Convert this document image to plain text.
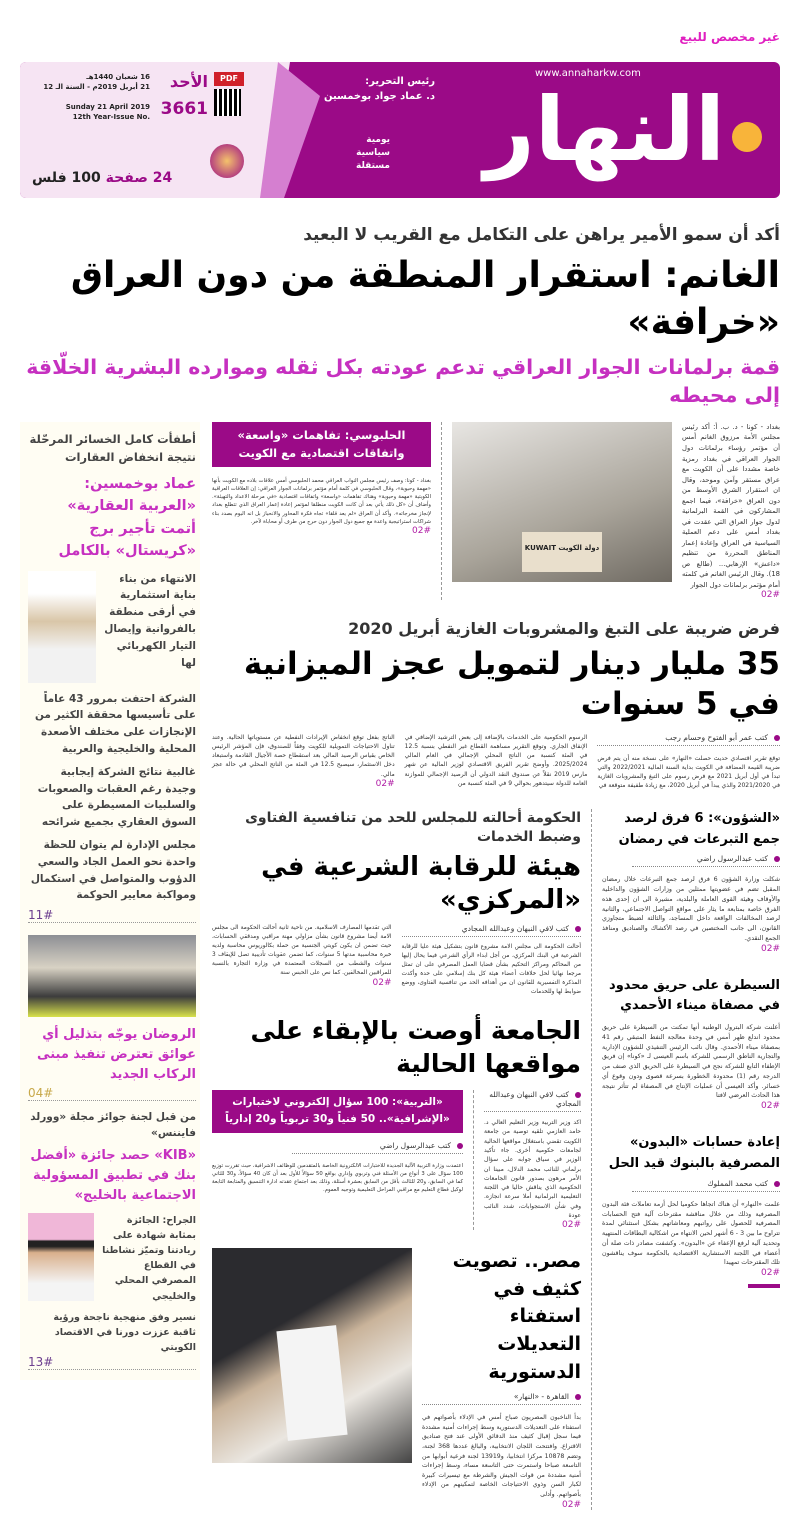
غير مخصص للبيع
النهار
www.annaharkw.com
رئيس التحرير:
د. عماد جواد بوخمسين
يومية
سياسية
مستقلة
16 شعبان 1440هـ
21 أبريل 2019م - السنة الـ 12
Sunday 21 April 2019
12th Year-Issue No.
الأحد
3661
PDF
24 صفحة 100 فلس
أكد أن سمو الأمير يراهن على التكامل مع القريب لا البعيد
الغانم: استقرار المنطقة من دون العراق «خرافة»
قمة برلمانات الجوار العراقي تدعم عودته بكل ثقله وموارده البشرية الخلّاقة إلى محيطه
أطفأت كامل الخسائر المرحّلة نتيجة انخفاض العقارات
عماد بوخمسين: «العربية العقارية» أتمت تأجير برج «كريستال» بالكامل
الانتهاء من بناء بناية استثمارية في أرقى منطقة بالفروانية وإيصال التيار الكهربائي لها
الشركة احتفت بمرور 43 عاماً على تأسيسها محققة الكثير من الإنجازات على مختلف الأصعدة المحلية والخليجية والعربية
غالبية نتائج الشركة إيجابية وجيدة رغم العقبات والصعوبات والسلبيات المسيطرة على السوق العقاري بجميع شرائحه
مجلس الإدارة لم يتوان للحظة واحدة نحو العمل الجاد والسعي الدؤوب والمتواصل في استكمال ومواكبة معايير الحوكمة
11#
الروضان يوجّه بتذليل أي عوائق تعترض تنفيذ مبنى الركاب الجديد
04#
من قبل لجنة جوائز مجلة «وورلد فايننس»
«KIB» حصد جائزة «أفضل بنك في تطبيق المسؤولية الاجتماعية بالخليج»
الجراح: الجائزة بمثابة شهادة على ريادتنا وتميّز نشاطنا في القطاع المصرفي المحلي والخليجي
نسير وفق منهجية ناجحة ورؤية ثاقبة عززت دورنا في الاقتصاد الكويتي
13#
بغداد - كونا - د. ب. أ: أكد رئيس مجلس الأمة مرزوق الغانم أمس أن مؤتمر رؤساء برلمانات دول الجوار العراقي في بغداد رمزية خاصة مشددا على أن الكويت مع عراق مستقر وآمن وموحد، وقال ان استقرار الشرق الأوسط من دون العراق «خرافة»، فيما اجمع المشاركون في القمة البرلمانية لدول جوار العراق التي عقدت في بغداد أمس على دعم العملية السياسية في العراق وإعادة إعمار المناطق المحررة من تنظيم «داعش» الإرهابي... (طالع ص 18). وقال الرئيس الغانم في كلمته أمام مؤتمر برلمانات دول الجوار
02#
دولة الكويت KUWAIT
الحلبوسي: تفاهمات «واسعة» واتفاقات اقتصادية مع الكويت
بغداد - كونا: وصف رئيس مجلس النواب العراقي محمد الحلبوسي أمس علاقات بلاده مع الكويت بأنها «مهمة وحيوية»، وقال الحلبوسي في كلمة أمام مؤتمر برلمانات الجوار العراقي: إن العلاقات العراقية الكويتية «مهمة وحيوية» وهناك تفاهمات «واسعة» واتفاقات اقتصادية «في مرحلة الاعداد والتهيئة». وأضاف أن «كل ذلك يأتي بعد أن كانت الكويت منطلقا لمؤتمر إعادة إعمار العراق الذي تتطلع بغداد لإنجاز مخرجاته». وأكد أن العراق «لم يعد قلقا» تجاه فكرة المحاور والانحياز بل انه اليوم بصدد بناء شراكات استراتيجية واعدة مع جميع دول الجوار دون حرج من طرف أو محاباة لآخر.
02#
فرض ضريبة على التبغ والمشروبات الغازية أبريل 2020
35 مليار دينار لتمويل عجز الميزانية في 5 سنوات
كتب عمر أبو الفتوح وحسام رجب
توقع تقرير اقتصادي حديث حصلت «النهار» على نسخة منه أن يتم فرض ضريبة القيمة المضافة في الكويت بداية السنة المالية 2022/2021 والتي تبدأ في أول أبريل 2021 مع فرض رسوم على التبغ والمشروبات الغازية في 2021/2020 والذي يبدأ في أبريل 2020، مع زيادة طفيفة متوقعة في
الرسوم الحكومية على الخدمات بالإضافة إلى بعض الترشيد الإضافي في الإنفاق الجاري. وتوقع التقرير مساهمة القطاع غير النفطي بنسبة 12.5 في المئة كنسبة من الناتج المحلي الإجمالي في العام المالي 2025/2024. وأوضح تقرير الفريق الاقتصادي لوزير المالية عن شهر مارس 2019 نقلاً عن صندوق النقد الدولي أن الرصيد الإجمالي للموازنة العامة للدولة سيتدهور بحوالي 9 في المئة كنسبة من
الناتج بفعل توقع انخفاض الإيرادات النفطية عن مستوياتها الحالية. وعند تناول الاحتياجات التمويلية للكويت وفقاً للصندوق، فإن المؤشر الرئيس الخاص بقياس الرصيد المالي بعد استقطاع حصة الأجيال القادمة واستبعاد دخل الاستثمار، سيصبح 12.5 في المئة من الناتج المحلي في حالة عجز مالي.
02#
«الشؤون»: 6 فرق لرصد جمع التبرعات في رمضان
كتب عبدالرسول راضي
شكلت وزارة الشؤون 6 فرق لرصد جمع التبرعات خلال رمضان المقبل تضم في عضويتها ممثلين من وزارات الشؤون والداخلية والأوقاف وهيئة القوى العاملة والبلدية، مشيرة الى ان إحدى هذه الفرق خاصة بمتابعة ما يثار على مواقع التواصل الاجتماعي، والثانية لرصد المخالفات الواقعة داخل المساجد، والثالثة لضبط متجاوزي القانون، الى جانب المختصين في رصد الأكشاك والصناديق ومنافذ الجمع النقدي.
02#
السيطرة على حريق محدود في مصفاة ميناء الأحمدي
أعلنت شركة البترول الوطنية أنها تمكنت من السيطرة على حريق محدود اندلع ظهر أمس في وحدة معالجة النفط المتبقي رقم 41 بمصفاة ميناء الأحمدي. وقال نائب الرئيس التنفيذي للشؤون الإدارية والتجارية الناطق الرسمي للشركة باسم العيسى لـ «كونا» إن فريق الإطفاء التابع للشركة نجح في السيطرة على الحريق الذي صنف من الدرجة رقم (1) محدودة الخطورة بسرعة قصوى ودون وقوع أي خسائر. وأكد العيسى أن عمليات الإنتاج في المصفاة لم تتأثر نتيجة هذا الحادث العرضي لافتا
02#
إعادة حسابات «البدون» المصرفية بالبنوك قيد الحل
كتب محمد المملوك
علمت «النهار» أن هناك اتجاها حكوميا لحل أزمة تعاملات فئة البدون المصرفية وذلك من خلال مناقشة مقترحات آلية فتح الحسابات المصرفية للحصول على رواتبهم ومعاشاتهم بشكل استثنائي لمدة تتراوح ما بين 3 - 6 أشهر لحين الانتهاء من اشكالية البطاقات المنتهية وتحديد آلية لرفع الإعفاء عن «البدون». وكشفت مصادر ذات صلة أن أعضاء في اللجنة الاستشارية الاقتصادية بالحكومة سوف يناقشون تلك المقترحات تمهيدا
02#
الحكومة أحالته للمجلس للحد من تنافسية الفتاوى وضبط الخدمات
هيئة للرقابة الشرعية في «المركزي»
كتب لافي النبهان وعبدالله المجادي
أحالت الحكومة الى مجلس الامة مشروع قانون بتشكيل هيئة عليا للرقابة الشرعية في البنك المركزي، من أجل ابداء الرأي الشرعي فيما يحال إليها من المحاكم ومراكز التحكيم بشأن قضايا العمل المصرفي على ان تمثل مرجعا نهائيا لحل خلافات أعضاء هيئة كل بنك إسلامي على حدة وأكدت المذكرة التفسيرية للقانون ان من أهدافه الحد من تنافسية الفتاوى، ووضع ضوابط لها وللخدمات
التي تقدمها المصارف الاسلامية. من ناحية ثانية أحالت الحكومة الى مجلس الامة أيضا مشروع قانون بشأن مزاولي مهنة مراقبي ومدققي الحسابات، حيث تضمن ان يكون كويتي الجنسية من حملة بكالوريوس محاسبة ولديه خبرة محاسبية مدتها 5 سنوات، كما تضمن عقوبات تأديبية تصل للإيقاف 3 سنوات والشطب من السجلات المعتمدة في وزارة التجارة بالنسبة للمراقبين المخالفين. كما نص على الحبس سنة
02#
الجامعة أوصت بالإبقاء على مواقعها الحالية
كتب لافي النبهان وعبدالله المجادي
اكد وزير التربية وزير التعليم العالي د. حامد العازمي تلقيه توصية من جامعة الكويت تقضي باستغلال مواقعها الحالية لجامعات حكومية أخرى. جاء تأكيد الوزير في سياق جوابه على سؤال برلماني للنائب محمد الدلال، مبينا ان الأمر مرهون بصدور قانون الجامعات الحكومية الذي يناقش حاليا في اللجنة التعليمية البرلمانية أملا سرعة انجازه. وفي شأن الاستجوابات، شدد النائب عودة
02#
«التربية»: 100 سؤال إلكتروني لاختبارات «الإشرافية».. 50 فنياً و30 تربوياً و20 إدارياً
كتب عبدالرسول راضي
اعتمدت وزارة التربية الآلية الجديدة للاختبارات الالكترونية الخاصة بالمتقدمين للوظائف الاشرافية، حيث تقررت توزيع 100 سؤال على 3 أنواع من الأسئلة فني وتربوي وإداري بواقع 50 سؤالاً للأول بعد أن كان 40 سؤالاً، و30 للثاني كما في السابق، و20 للثالث بأقل من السابق بعشرة أسئلة، وذلك بعد اجتماع عقدته ادارة التنسيق والمتابعة التابعة لوكيل قطاع التعليم مع مراقبي المراحل التعليمية وتوجيه العموم.
مصر.. تصويت كثيف في استفتاء التعديلات الدستورية
القاهرة - «النهار»
بدأ الناخبون المصريون صباح أمس في الإدلاء بأصواتهم في استفتاء على التعديلات الدستورية وسط إجراءات أمنية مشددة فيما سجل إقبال كثيف منذ الدقائق الأولى عند فتح صناديق الاقتراع. وافتتحت اللجان الانتخابية، والبالغ عددها 368 لجنة، وتضم 10878 مركزا انتخابيا، و13919 لجنة فرعية أبوابها من التاسعة صباحا واستمرت حتى التاسعة مساء، وسط إجراءات أمنية مشددة من قوات الجيش والشرطة مع تيسيرات كبيرة لكبار السن وذوي الاحتياجات الخاصة لتمكينهم من الإدلاء بأصواتهم. وأدلى
02#
